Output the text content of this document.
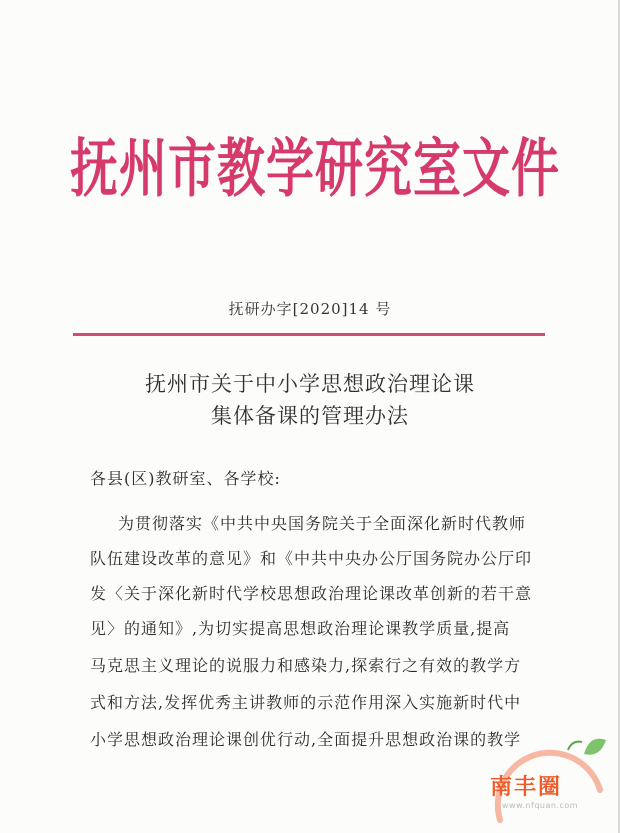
抚州市教学研究室文件
抚研办字[2020]14 号
抚州市关于中小学思想政治理论课
集体备课的管理办法
各县(区)教研室、各学校:
为贯彻落实《中共中央国务院关于全面深化新时代教师
队伍建设改革的意见》和《中共中央办公厅国务院办公厅印
发〈关于深化新时代学校思想政治理论课改革创新的若干意
见〉的通知》,为切实提高思想政治理论课教学质量,提高
马克思主义理论的说服力和感染力,探索行之有效的教学方
式和方法,发挥优秀主讲教师的示范作用深入实施新时代中
小学思想政治理论课创优行动,全面提升思想政治课的教学
南丰圈
www.nfquan.com
